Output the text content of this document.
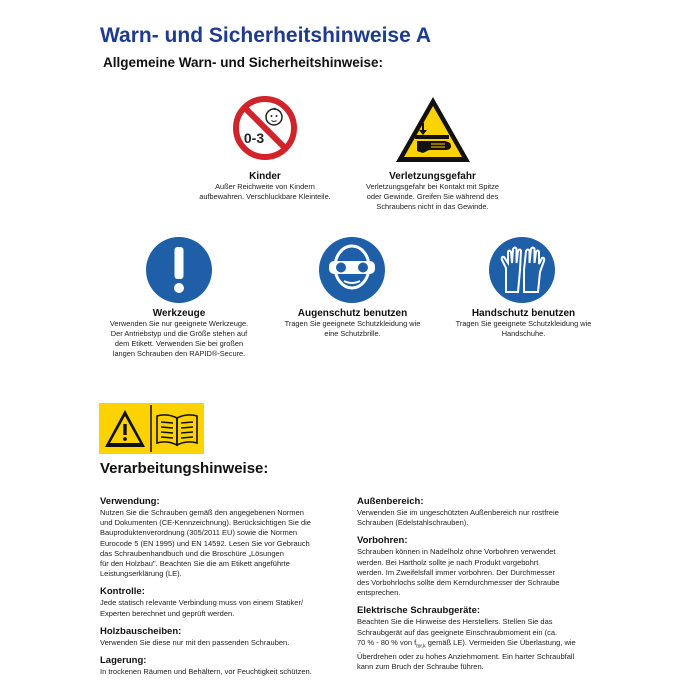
Warn- und Sicherheitshinweise A
Allgemeine Warn- und Sicherheitshinweise:
0-3
Kinder
Außer Reichweite von Kindern
aufbewahren. Verschluckbare Kleinteile.
Verletzungsgefahr
Verletzungsgefahr bei Kontakt mit Spitze
oder Gewinde. Greifen Sie während des
Schraubens nicht in das Gewinde.
Werkzeuge
Verwenden Sie nur geeignete Werkzeuge.
Der Antriebstyp und die Größe stehen auf
dem Etikett. Verwenden Sie bei großen
langen Schrauben den RAPID®-Secure.
Augenschutz benutzen
Tragen Sie geeignete Schutzkleidung wie
eine Schutzbrille.
Handschutz benutzen
Tragen Sie geeignete Schutzkleidung wie
Handschuhe.
Verarbeitungshinweise:
Verwendung:

Nutzen Sie die Schrauben gemäß den angegebenen Normen
und Dokumenten (CE-Kennzeichnung). Berücksichtigen Sie die
Bauproduktenverordnung (305/2011 EU) sowie die Normen
Eurocode 5 (EN 1995) und EN 14592. Lesen Sie vor Gebrauch
das Schraubenhandbuch und die Broschüre „Lösungen
für den Holzbau". Beachten Sie die am Etikett angeführte
Leistungserklärung (LE).

Kontrolle:

Jede statisch relevante Verbindung muss von einem Statiker/
Experten berechnet und geprüft werden.

Holzbauscheiben:

Verwenden Sie diese nur mit den passenden Schrauben.

Lagerung:

In trockenen Räumen und Behältern, vor Feuchtigkeit schützen.

Außenbereich:

Verwenden Sie im ungeschützten Außenbereich nur rostfreie
Schrauben (Edelstahlschrauben).

Vorbohren:

Schrauben können in Nadelholz ohne Vorbohren verwendet
werden. Bei Hartholz sollte je nach Produkt vorgebohrt
werden. Im Zweifelsfall immer vorbohren. Der Durchmesser
des Vorbohrlochs sollte dem Kerndurchmesser der Schraube
entsprechen.

Elektrische Schraubgeräte:

Beachten Sie die Hinweise des Herstellers. Stellen Sie das
Schraubgerät auf das geeignete Einschraubmoment ein (ca.
70 % - 80 % von $f_{tor,k}$ gemäß LE). Vermeiden Sie Überlastung, wie
Überdrehen oder zu hohes Anziehmoment. Ein harter Schraubfall
kann zum Bruch der Schraube führen.
